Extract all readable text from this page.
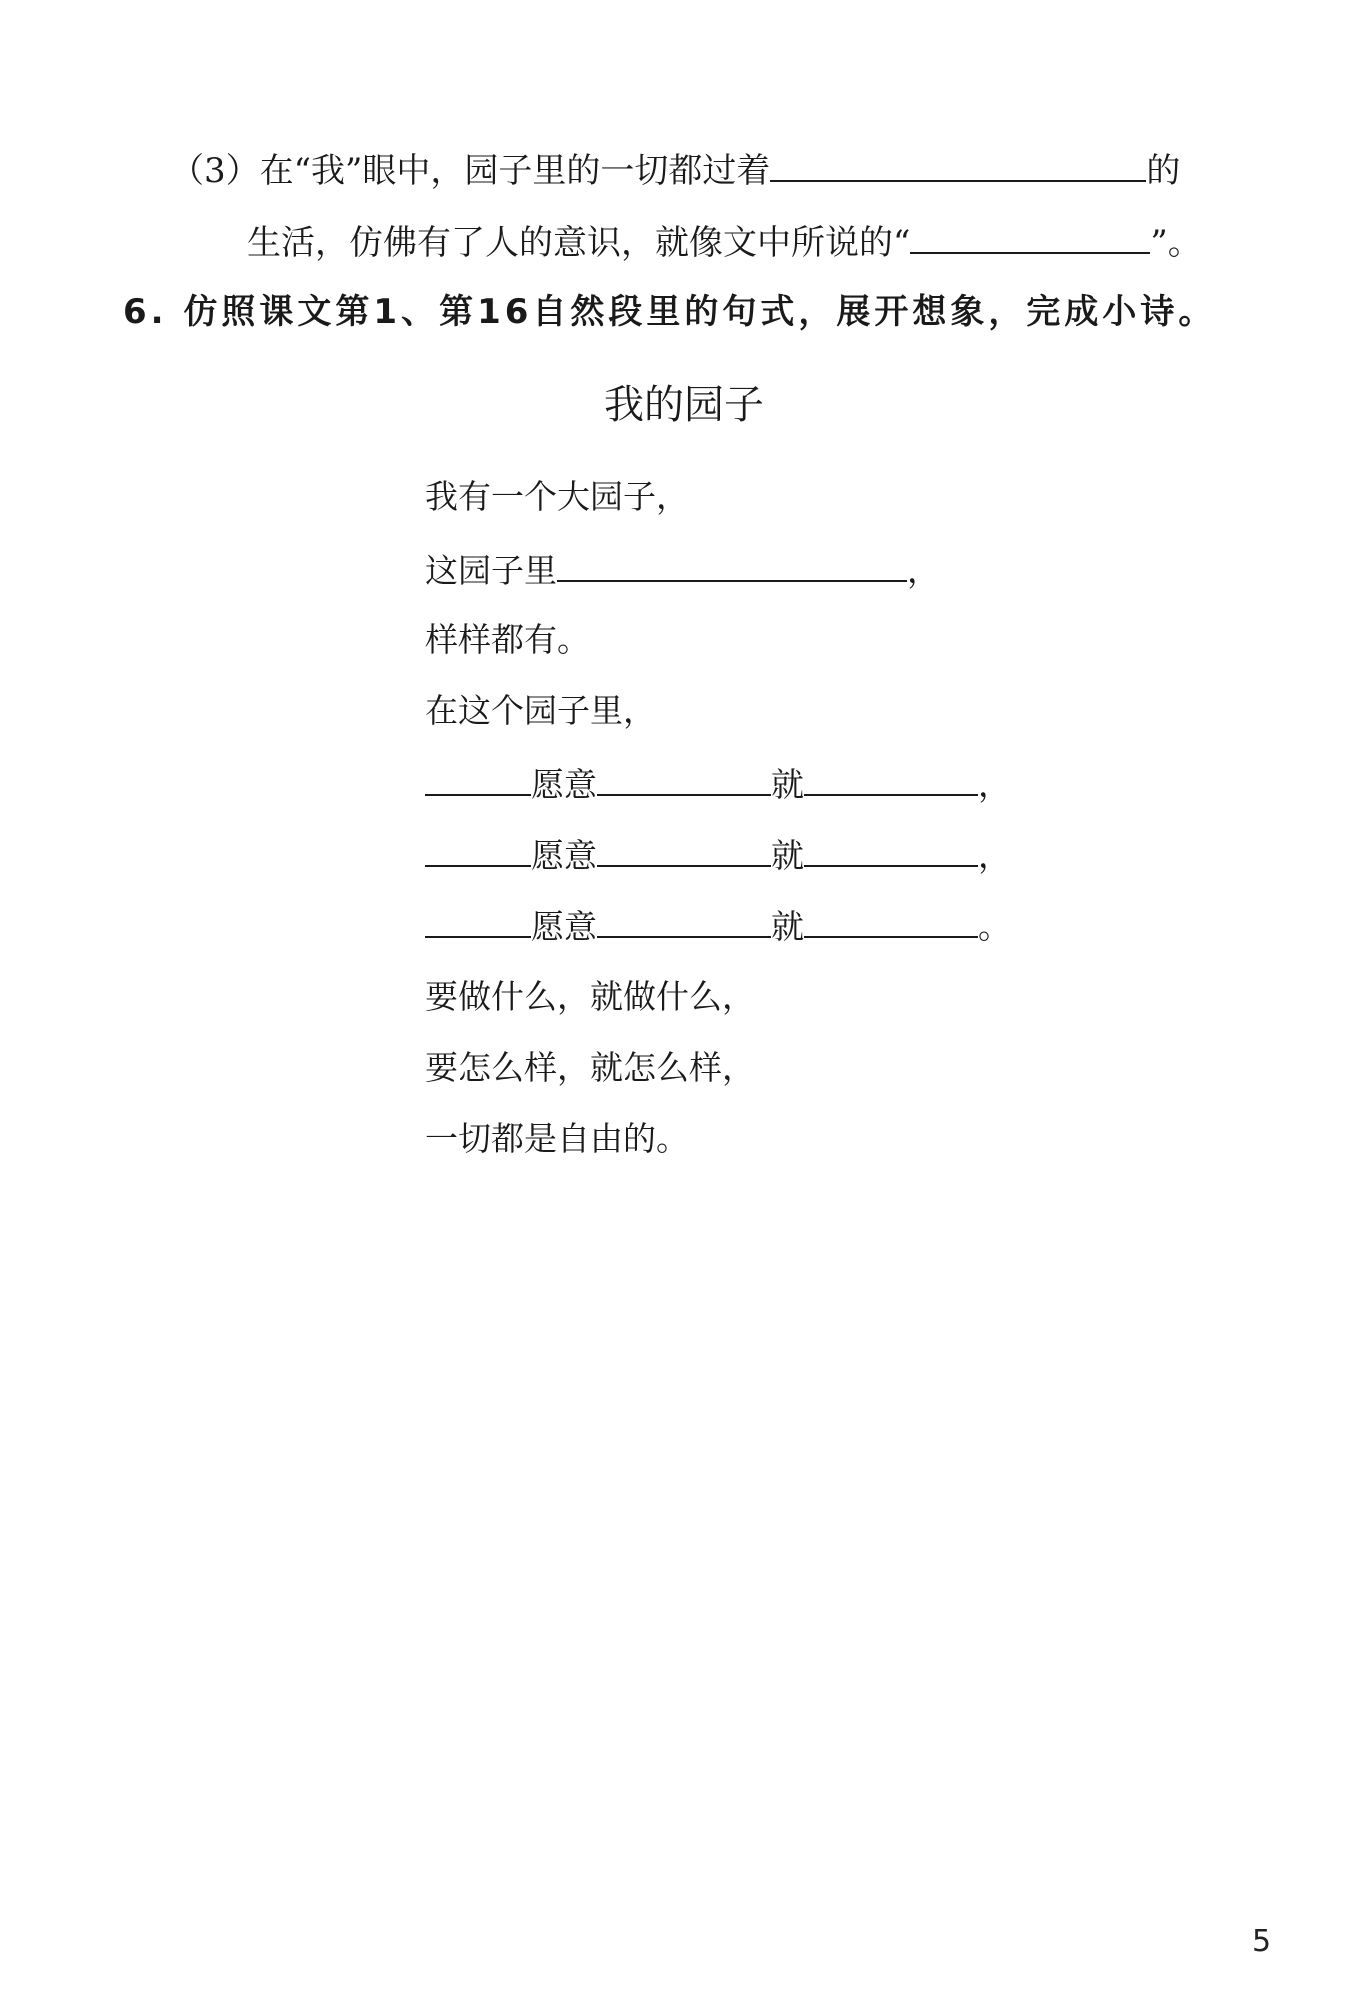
（3）在“我”眼中，园子里的一切都过着	的
生活，仿佛有了人的意识，就像文中所说的“	”。
6. 仿照课文第1、第16自然段里的句式，展开想象，完成小诗。
我的园子
我有一个大园子，
这园子里	，
样样都有。
在这个园子里，
愿意	就	，
愿意	就	，
愿意	就	。
要做什么，就做什么，
要怎么样，就怎么样，
一切都是自由的。
5
